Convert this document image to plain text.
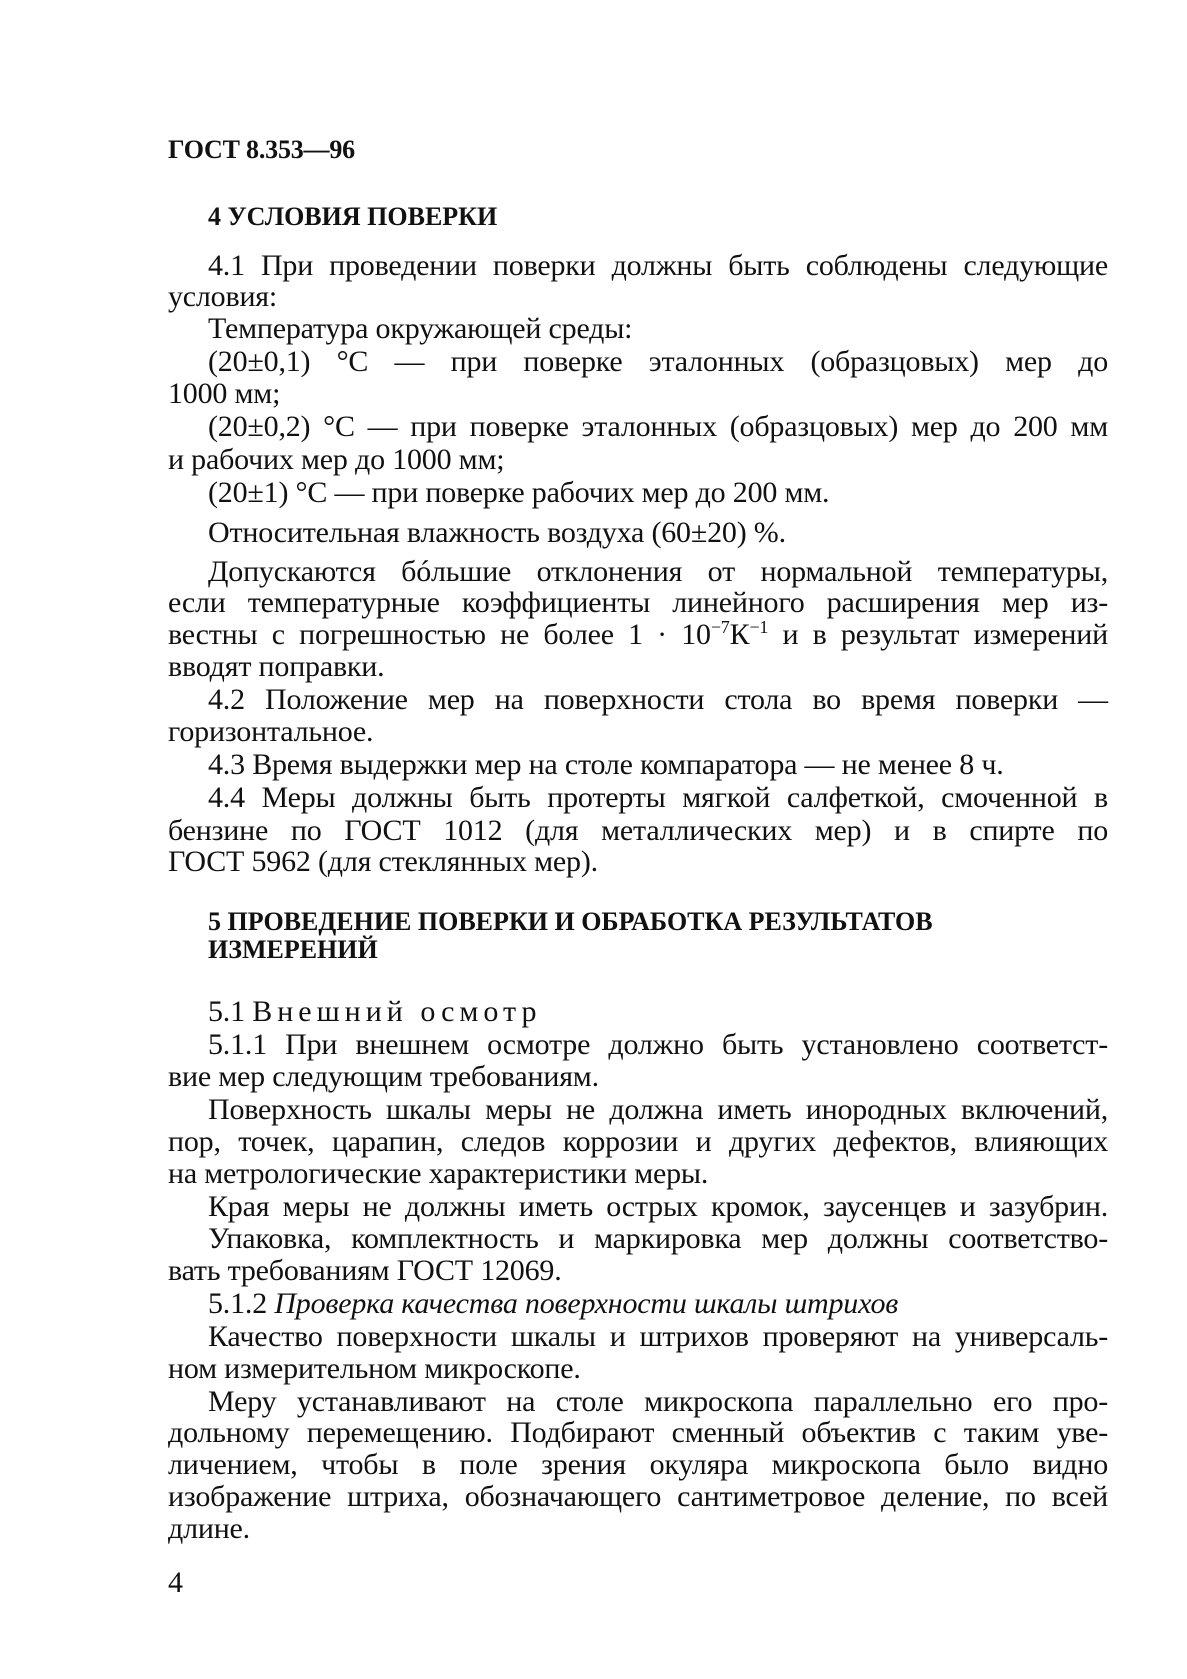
ГОСТ 8.353—96
4 УСЛОВИЯ ПОВЕРКИ
4.1 При проведении поверки должны быть соблюдены следующие
условия:
Температура окружающей среды:
(20±0,1) °С — при поверке эталонных (образцовых) мер до
1000 мм;
(20±0,2) °С — при поверке эталонных (образцовых) мер до 200 мм
и рабочих мер до 1000 мм;
(20±1) °С — при поверке рабочих мер до 200 мм.
Относительная влажность воздуха (60±20) %.
Допускаются бóльшие отклонения от нормальной температуры,
если температурные коэффициенты линейного расширения мер из-
вестны с погрешностью не более $1 \cdot 10^{-7}К^{-1}$ и в результат измерений
вводят поправки.
4.2 Положение мер на поверхности стола во время поверки —
горизонтальное.
4.3 Время выдержки мер на столе компаратора — не менее 8 ч.
4.4 Меры должны быть протерты мягкой салфеткой, смоченной в
бензине по ГОСТ 1012 (для металлических мер) и в спирте по
ГОСТ 5962 (для стеклянных мер).
5 ПРОВЕДЕНИЕ ПОВЕРКИ И ОБРАБОТКА РЕЗУЛЬТАТОВ
ИЗМЕРЕНИЙ
5.1 Внешний осмотр
5.1.1 При внешнем осмотре должно быть установлено соответст-
вие мер следующим требованиям.
Поверхность шкалы меры не должна иметь инородных включений,
пор, точек, царапин, следов коррозии и других дефектов, влияющих
на метрологические характеристики меры.
Края меры не должны иметь острых кромок, заусенцев и зазубрин.
Упаковка, комплектность и маркировка мер должны соответство-
вать требованиям ГОСТ 12069.
5.1.2 Проверка качества поверхности шкалы штрихов
Качество поверхности шкалы и штрихов проверяют на универсаль-
ном измерительном микроскопе.
Меру устанавливают на столе микроскопа параллельно его про-
дольному перемещению. Подбирают сменный объектив с таким уве-
личением, чтобы в поле зрения окуляра микроскопа было видно
изображение штриха, обозначающего сантиметровое деление, по всей
длине.
4
